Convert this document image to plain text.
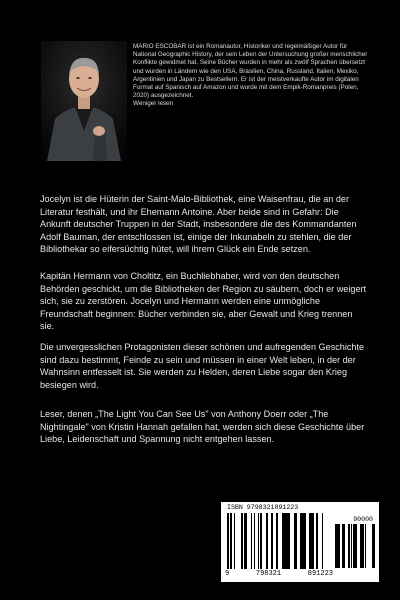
MARIO ESCOBAR ist ein Romanautor, Historiker und regelmäßiger Autor für National Geographic History, der sein Leben der Untersuchung großer menschlicher Konflikte gewidmet hat. Seine Bücher wurden in mehr als zwölf Sprachen übersetzt und wurden in Ländern wie den USA, Brasilien, China, Russland, Italien, Mexiko, Argentinien und Japan zu Bestsellern. Er ist der meistverkaufte Autor im digitalen Format auf Spanisch auf Amazon und wurde mit dem Empik-Romanpreis (Polen, 2020) ausgezeichnet.
Weniger lesen

Jocelyn ist die Hüterin der Saint-Malo-Bibliothek, eine Waisenfrau, die an der Literatur festhält, und ihr Ehemann Antoine. Aber beide sind in Gefahr: Die Ankunft deutscher Truppen in der Stadt, insbesondere die des Kommandanten Adolf Bauman, der entschlossen ist, einige der Inkunabeln zu stehlen, die der Bibliothekar so eifersüchtig hütet, will ihrem Glück ein Ende setzen.

Kapitän Hermann von Choltitz, ein Buchliebhaber, wird von den deutschen Behörden geschickt, um die Bibliotheken der Region zu säubern, doch er weigert sich, sie zu zerstören. Jocelyn und Hermann werden eine unmögliche Freundschaft beginnen: Bücher verbinden sie, aber Gewalt und Krieg trennen sie.

Die unvergesslichen Protagonisten dieser schönen und aufregenden Geschichte sind dazu bestimmt, Feinde zu sein und müssen in einer Welt leben, in der der Wahnsinn entfesselt ist. Sie werden zu Helden, deren Liebe sogar den Krieg besiegen wird.

Leser, denen „The Light You Can See Us" von Anthony Doerr oder „The Nightingale" von Kristin Hannah gefallen hat, werden sich diese Geschichte über Liebe, Leidenschaft und Spannung nicht entgehen lassen.

ISBN 9798321891223
90000
9	798321	891223
